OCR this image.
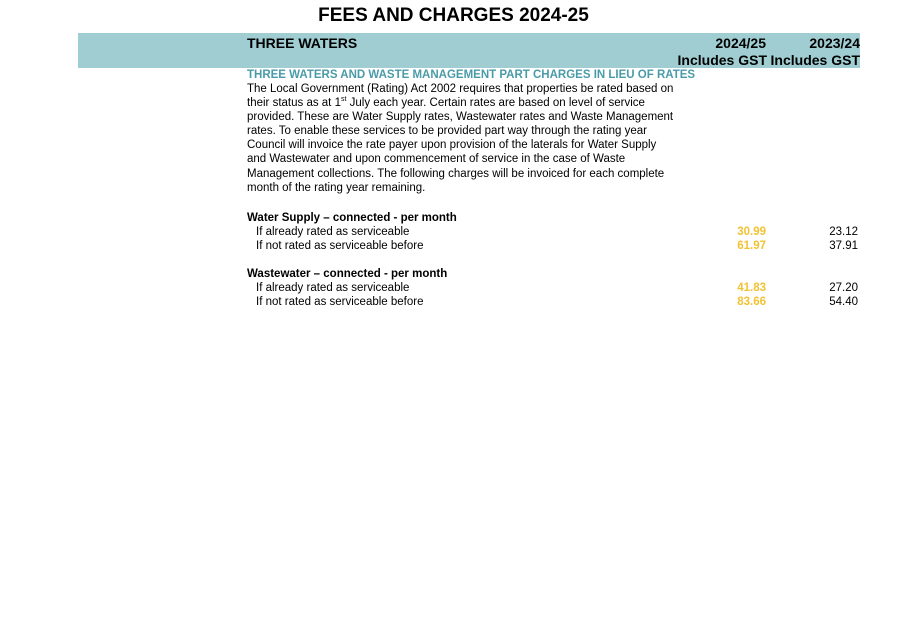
FEES AND CHARGES 2024-25
THREE WATERS	2024/25	2023/24
Includes GST Includes GST
THREE WATERS AND WASTE MANAGEMENT PART CHARGES IN LIEU OF RATES
The Local Government (Rating) Act 2002 requires that properties be rated based on
their status as at 1st July each year. Certain rates are based on level of service
provided. These are Water Supply rates, Wastewater rates and Waste Management
rates. To enable these services to be provided part way through the rating year
Council will invoice the rate payer upon provision of the laterals for Water Supply
and Wastewater and upon commencement of service in the case of Waste
Management collections. The following charges will be invoiced for each complete
month of the rating year remaining.
Water Supply – connected - per month
If already rated as serviceable	30.99	23.12
If not rated as serviceable before	61.97	37.91
Wastewater – connected - per month
If already rated as serviceable	41.83	27.20
If not rated as serviceable before	83.66	54.40
